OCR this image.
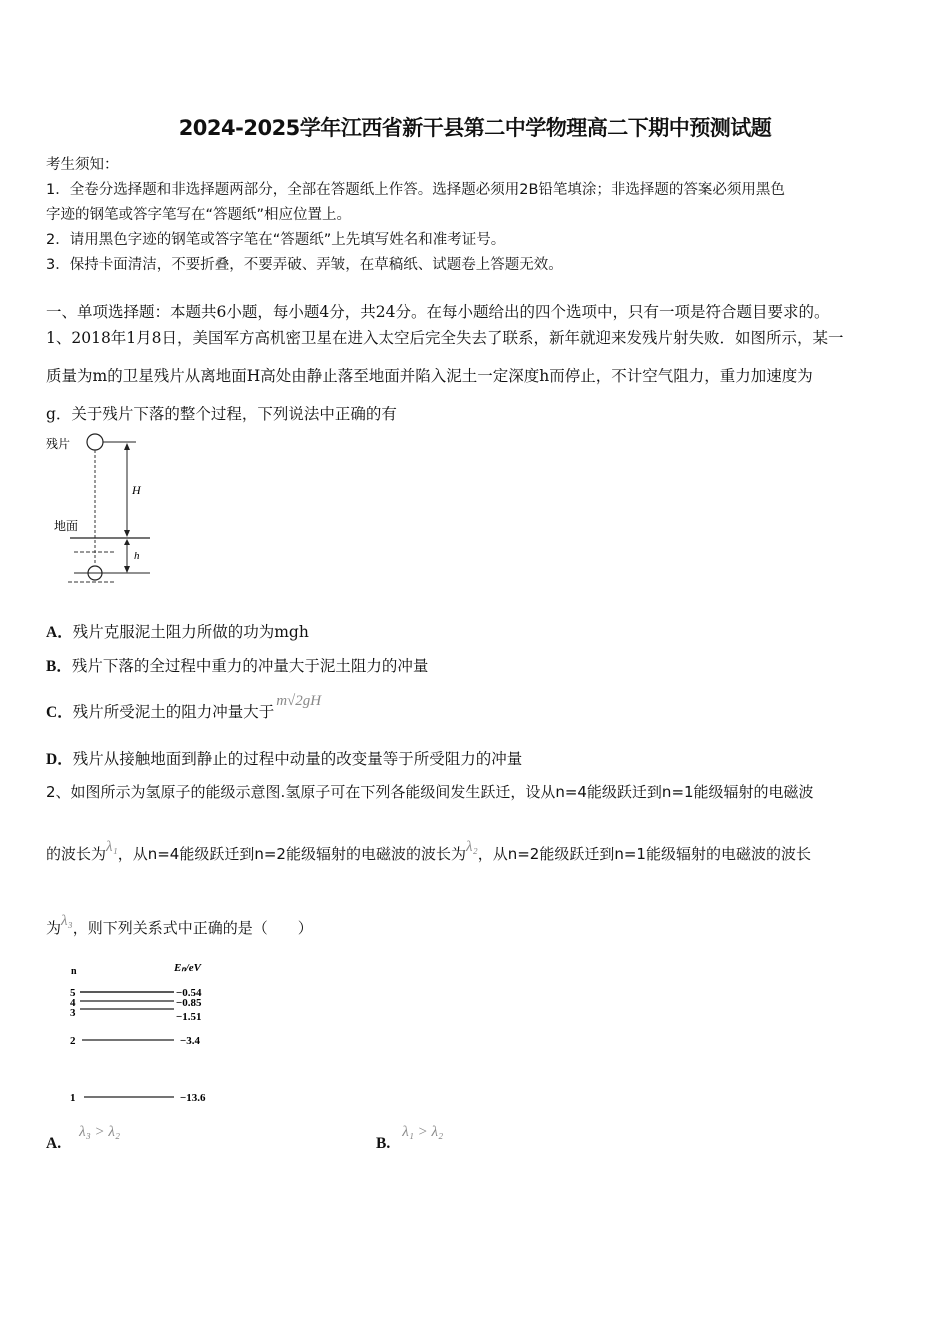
2024-2025学年江西省新干县第二中学物理高二下期中预测试题
考生须知：
1．全卷分选择题和非选择题两部分，全部在答题纸上作答。选择题必须用2B铅笔填涂；非选择题的答案必须用黑色
字迹的钢笔或答字笔写在“答题纸”相应位置上。
2．请用黑色字迹的钢笔或答字笔在“答题纸”上先填写姓名和准考证号。
3．保持卡面清洁，不要折叠，不要弄破、弄皱，在草稿纸、试题卷上答题无效。
一、单项选择题：本题共6小题，每小题4分，共24分。在每小题给出的四个选项中，只有一项是符合题目要求的。
1、2018年1月8日，美国军方高机密卫星在进入太空后完全失去了联系，新年就迎来发残片射失败．如图所示，某一
质量为m的卫星残片从离地面H高处由静止落至地面并陷入泥土一定深度h而停止，不计空气阻力，重力加速度为
g．关于残片下落的整个过程，下列说法中正确的有
残片
H
地面
h
A．残片克服泥土阻力所做的功为mgh
B．残片下落的全过程中重力的冲量大于泥土阻力的冲量
C．残片所受泥土的阻力冲量大于m√2gH
D．残片从接触地面到静止的过程中动量的改变量等于所受阻力的冲量
2、如图所示为氢原子的能级示意图.氢原子可在下列各能级间发生跃迁，设从n=4能级跃迁到n=1能级辐射的电磁波
的波长为λ₁，从n=4能级跃迁到n=2能级辐射的电磁波的波长为λ₂，从n=2能级跃迁到n=1能级辐射的电磁波的波长
为λ₃，则下列关系式中正确的是（　　）
n	Eₙ/eV
5	−0.54
4	−0.85
3	−1.51
2	−3.4
1	−13.6
A.λ₃ > λ₂
B.λ₁ > λ₂
